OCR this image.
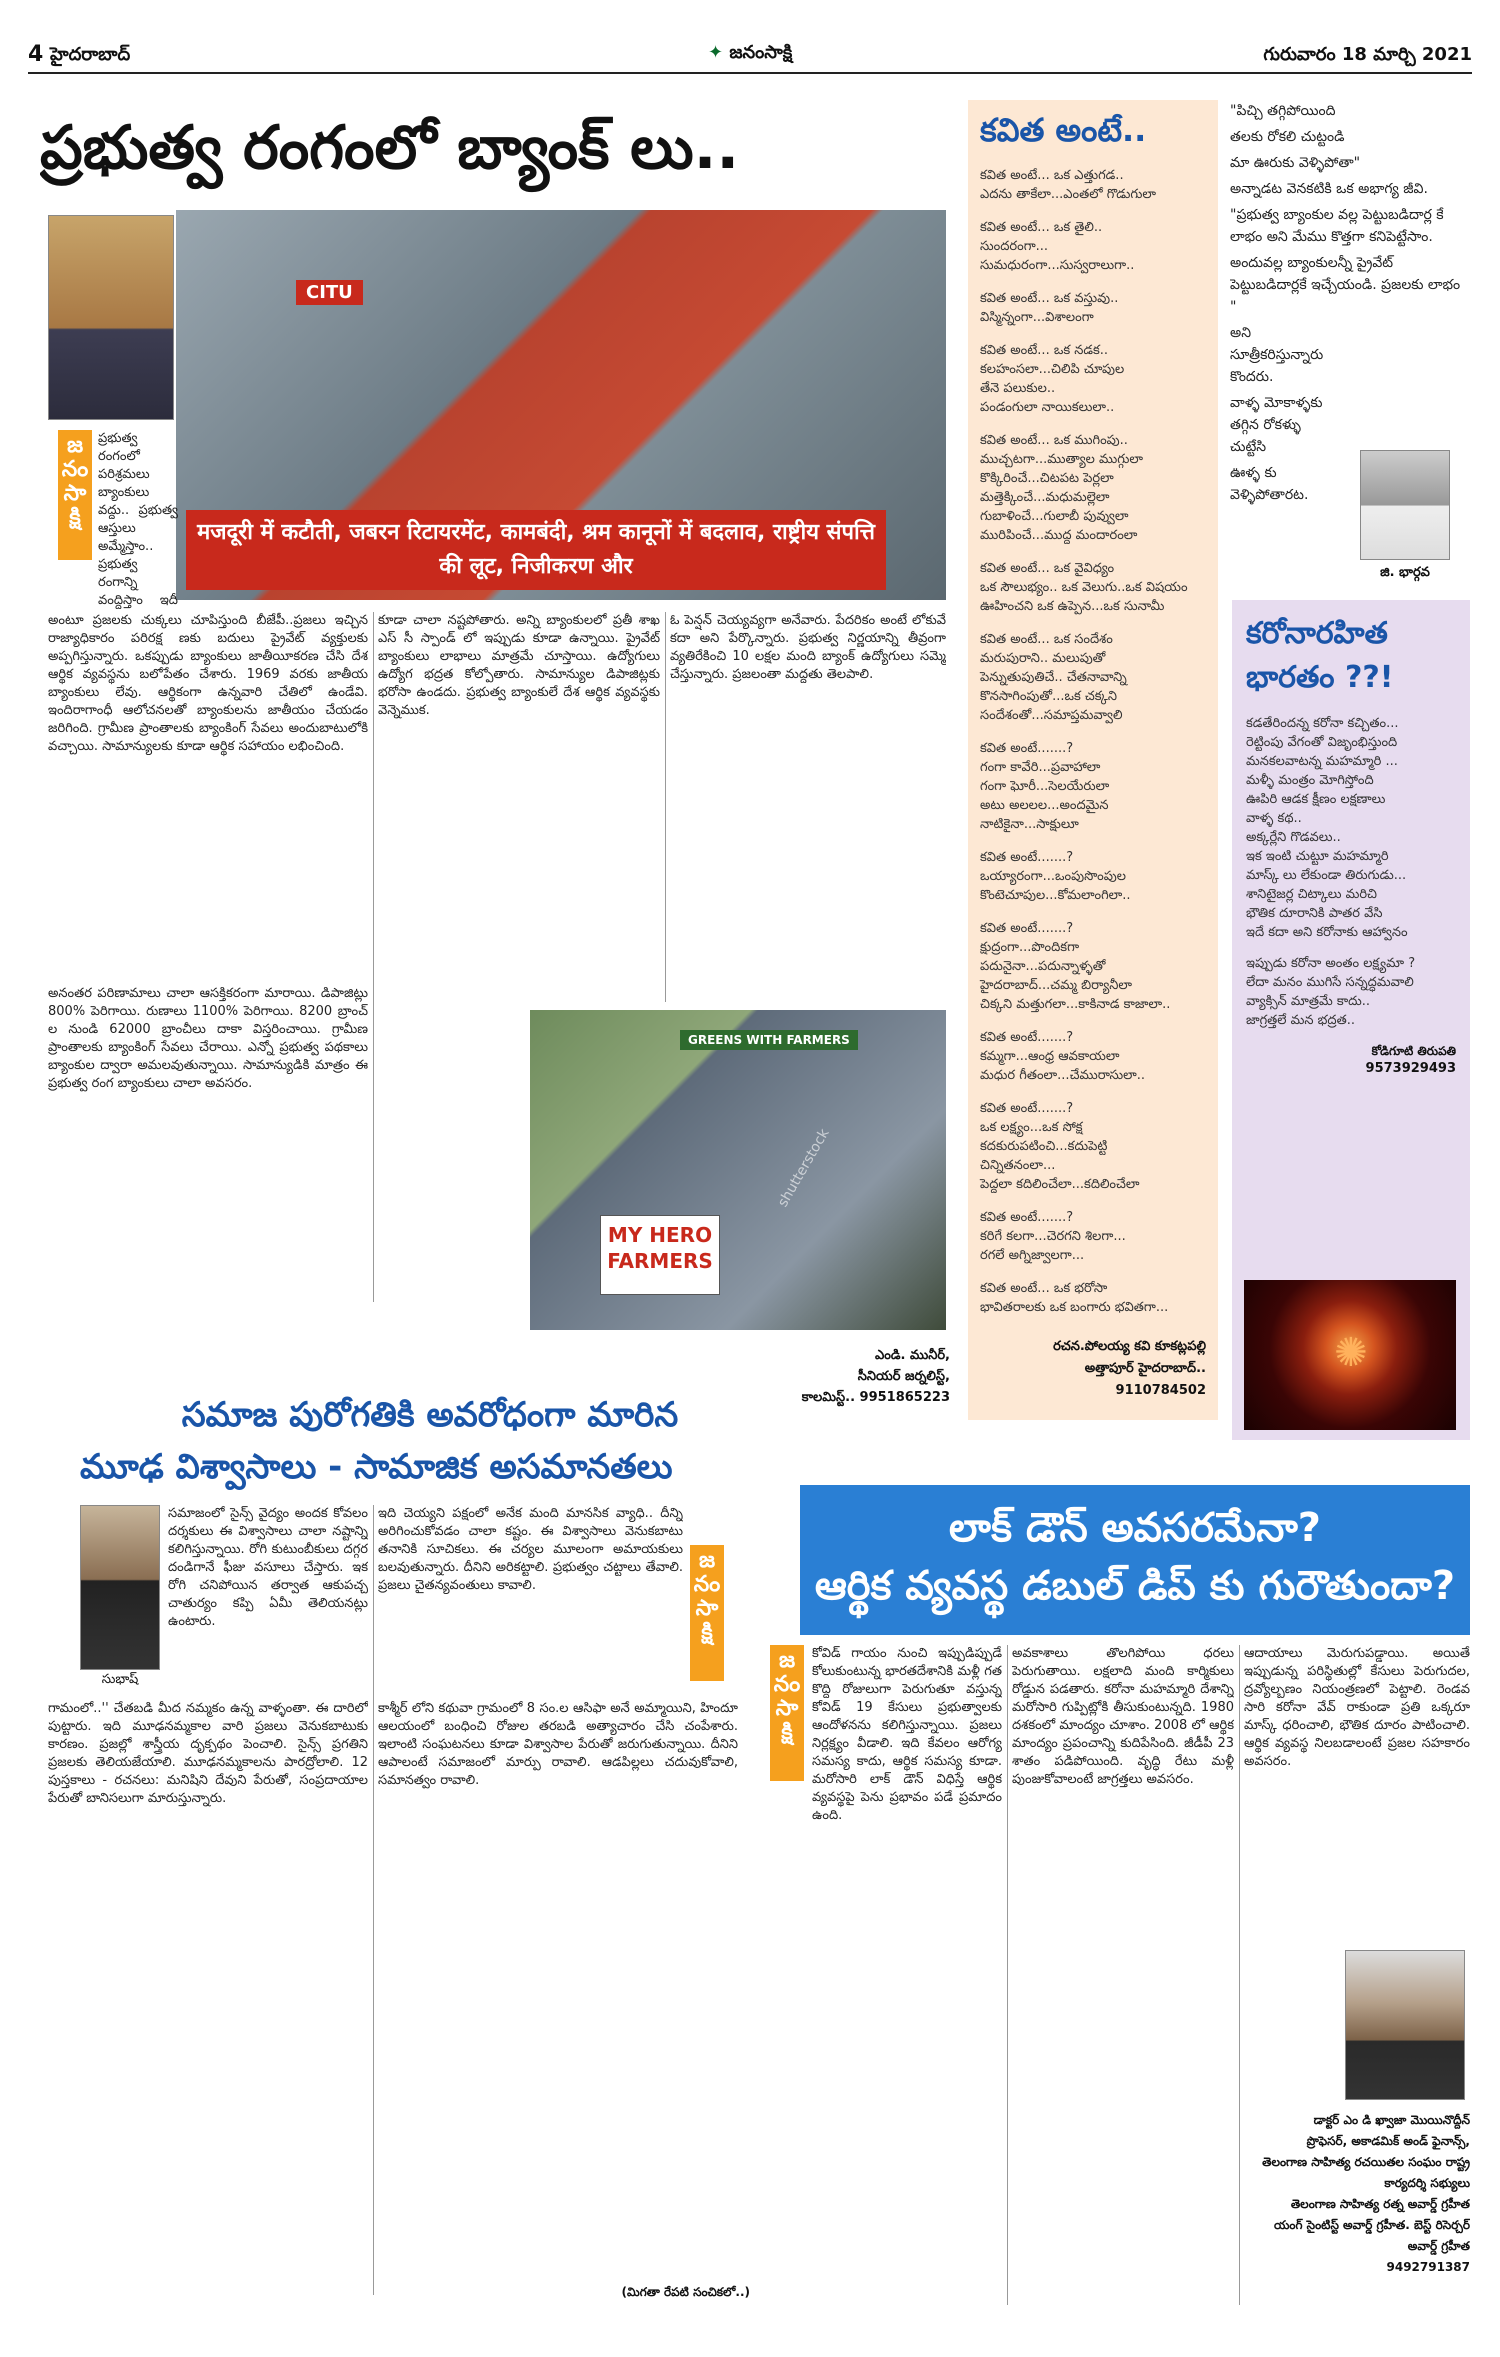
4 హైదరాబాద్	✦ జనంసాక్షి	గురువారం 18 మార్చి 2021
ప్రభుత్వ రంగంలో బ్యాంక్ లు..
CITU
मजदूरी में कटौती, जबरन रिटायरमेंट, कामबंदी, श्रम कानूनों में बदलाव, राष्ट्रीय संपत्ति की लूट, निजीकरण और
జ
నం
సా
క్షి

ప్రభుత్వ రంగంలో పరిశ్రమలు బ్యాంకులు వద్దు.. ప్రభుత్వ ఆస్తులు అమ్మేస్తాం.. ప్రభుత్వ రంగాన్ని వంద్దిస్తాం ఇదీ

అంటూ ప్రజలకు చుక్కలు చూపిస్తుంది బీజేపీ..ప్రజలు ఇచ్చిన రాజ్యాధికారం పరిరక్ష ణకు బదులు ప్రైవేట్ వ్యక్తులకు అప్పగిస్తున్నారు. ఒకప్పుడు బ్యాంకులు జాతీయీకరణ చేసి దేశ ఆర్థిక వ్యవస్థను బలోపేతం చేశారు. 1969 వరకు జాతీయ బ్యాంకులు లేవు. ఆర్థికంగా ఉన్నవారి చేతిలో ఉండేవి. ఇందిరాగాంధీ ఆలోచనలతో బ్యాంకులను జాతీయం చేయడం జరిగింది. గ్రామీణ ప్రాంతాలకు బ్యాంకింగ్ సేవలు అందుబాటులోకి వచ్చాయి. సామాన్యులకు కూడా ఆర్థిక సహాయం లభించింది.

కూడా చాలా నష్టపోతారు. అన్ని బ్యాంకులలో ప్రతీ శాఖ ఎస్ సీ స్పాండ్ లో ఇప్పుడు కూడా ఉన్నాయి. ప్రైవేట్ బ్యాంకులు లాభాలు మాత్రమే చూస్తాయి. ఉద్యోగులు ఉద్యోగ భద్రత కోల్పోతారు. సామాన్యుల డిపాజిట్లకు భరోసా ఉండదు. ప్రభుత్వ బ్యాంకులే దేశ ఆర్థిక వ్యవస్థకు వెన్నెముక.

ఓ పెన్షన్ చెయ్యవ్యగా అనేవారు. పేదరికం అంటే లోకువే కదా అని పేర్కొన్నారు. ప్రభుత్వ నిర్ణయాన్ని తీవ్రంగా వ్యతిరేకించి 10 లక్షల మంది బ్యాంక్ ఉద్యోగులు సమ్మె చేస్తున్నారు. ప్రజలంతా మద్దతు తెలపాలి.

అనంతర పరిణామాలు చాలా ఆసక్తికరంగా మారాయి. డిపాజిట్లు 800% పెరిగాయి. రుణాలు 1100% పెరిగాయి. 8200 బ్రాంచ్ ల నుండి 62000 బ్రాంచీలు దాకా విస్తరించాయి. గ్రామీణ ప్రాంతాలకు బ్యాంకింగ్ సేవలు చేరాయి. ఎన్నో ప్రభుత్వ పథకాలు బ్యాంకుల ద్వారా అమలవుతున్నాయి. సామాన్యుడికి మాత్రం ఈ ప్రభుత్వ రంగ బ్యాంకులు చాలా అవసరం.

GREENS WITH FARMERS
MY HERO FARMERS
shutterstock
ఎండి. మునీర్,
సీనియర్ జర్నలిస్ట్,
కాలమిస్ట్.. 9951865223
కవిత అంటే..
కవిత అంటే... ఒక ఎత్తుగడ..
ఎదను తాకేలా...ఎంతలో గొడుగులా
కవిత అంటే... ఒక తైలి..
సుందరంగా...
సుమధురంగా...సుస్వరాలుగా..
కవిత అంటే... ఒక వస్తువు..
విస్మిన్నంగా...విశాలంగా
కవిత అంటే... ఒక నడక..
కలహంసలా...చిలిపి చూపుల
తేనె పలుకుల..
పండంగులా నాయికలులా..
కవిత అంటే... ఒక ముగింపు..
ముచ్చటగా...ముత్యాల ముగ్గులా
కొక్కిరించే...చిటపట పెర్లలా
మత్తెక్కించే...మధుమల్లెలా
గుబాళించే...గులాబీ పువ్వులా
మురిపించే...ముద్ద మందారంలా
కవిత అంటే... ఒక వైవిధ్యం
ఒక సౌలుభ్యం.. ఒక వెలుగు..ఒక విషయం
ఊహించని ఒక ఉప్పెన...ఒక సునామీ
కవిత అంటే... ఒక సందేశం
మరుపురాని.. మలుపుతో
పెన్నుతుపుతిచే.. చేతనావాన్ని
కొనసాగింపుతో...ఒక చక్కని
సందేశంతో...సమాప్తమవ్వాలి
కవిత అంటే.......?
గంగా కావేరి...ప్రవాహాలా
గంగా ఘోరీ...సెలయేరులా
అటు అలలల...అందమైన
నాటికైనా...సాక్షులూ
కవిత అంటే.......?
ఒయ్యారంగా...ఒంపుసొంపుల
కొంటెచూపుల...కోమలాంగిలా..
కవిత అంటే.......?
క్షుద్రంగా...పొందికగా
పదునైనా...పదున్నాళ్ళతో
హైదరాబాద్...చమ్మ బిర్యానీలా
చిక్కని మత్తుగలా...కాకినాడ కాజాలా..
కవిత అంటే.......?
కమ్మగా...ఆంధ్ర ఆవకాయలా
మధుర గీతంలా...చేమురాసులా..
కవిత అంటే.......?
ఒక లక్ష్యం...ఒక సోక్ష
కదకురుపటించి...కదుపెట్టి
చిన్నితనంలా...
పెద్దలా కదిలించేలా...కదిలించేలా
కవిత అంటే.......?
కరిగే కలగా...చెరగని శిలగా...
రగలే అగ్నిజ్వాలగా...
కవిత అంటే... ఒక భరోసా
భావితరాలకు ఒక బంగారు భవితగా...
రచన.పోలయ్య కవి కూకట్లపల్లి
అత్తాపూర్ హైదరాబాద్..
9110784502
"పిచ్చి తగ్గిపోయింది
తలకు రోకలి చుట్టండి
మా ఊరుకు వెళ్ళిపోతా"
అన్నాడట వెనకటికి ఒక అభాగ్య జీవి.
"ప్రభుత్వ బ్యాంకుల వల్ల పెట్టుబడిదార్ల కే లాభం అని మేము కొత్తగా కనిపెట్టేసాం.
అందువల్ల బ్యాంకులన్నీ ప్రైవేట్ పెట్టుబడిదార్లకే ఇచ్చేయండి. ప్రజలకు లాభం "
అని సూత్రీకరిస్తున్నారు కొందరు.
వాళ్ళ మోకాళ్ళకు తగ్గిన రోకళ్ళు చుట్టేసి
ఊళ్ళ కు వెళ్ళిపోతారట.
జి. భార్గవ
కరోనారహిత భారతం ??!
కడతేరిందన్న కరోనా కచ్చితం...
రెట్టింపు వేగంతో విజృంభిస్తుంది
మనకలవాటన్న మహమ్మారి ...
మళ్ళీ మంత్రం మోగిస్తోంది
ఊపిరి ఆడక క్షీణం లక్షణాలు
వాళ్ళ కథ..
అక్కర్లేని గొడవలు..
ఇక ఇంటి చుట్టూ మహమ్మారి
మాస్క్ లు లేకుండా తిరుగుడు...
శానిటైజర్ల చిట్కాలు మరిచి
భౌతిక దూరానికి పాతర వేసి
ఇదే కదా అని కరోనాకు ఆహ్వానం
ఇప్పుడు కరోనా అంతం లక్ష్యమా ?
లేదా మనం ముగిసే సన్నద్ధమవాలి
వ్యాక్సిన్ మాత్రమే కాదు..
జాగ్రత్తలే మన భద్రత..
కోడిగూటి తిరుపతి
9573929493
✺
సమాజ పురోగతికి అవరోధంగా మారిన
మూఢ విశ్వాసాలు - సామాజిక అసమానతలు
లాక్ డౌన్ అవసరమేనా?
ఆర్థిక వ్యవస్థ డబుల్ డిప్ కు గురౌతుందా?
సుభాష్
జ
నం
సా
క్షి

సమాజంలో సైన్స్ వైద్యం అందక కోవలం దర్శకులు ఈ విశ్వాసాలు చాలా నష్టాన్ని కలిగిస్తున్నాయి. రోగి కుటుంబీకులు దగ్గర దండిగానే ఫీజు వసూలు చేస్తారు. ఇక రోగి చనిపోయిన తర్వాత ఆకుపచ్చ చాతుర్యం కప్పి ఏమీ తెలియనట్లు ఉంటారు.

గామంలో..'' చేతబడి మీద నమ్మకం ఉన్న వాళ్ళంతా. ఈ దారిలో పుట్టారు. ఇది మూఢనమ్మకాల వారి ప్రజలు వెనుకబాటుకు కారణం. ప్రజల్లో శాస్త్రీయ దృక్పథం పెంచాలి. సైన్స్ ప్రగతిని ప్రజలకు తెలియజేయాలి. మూఢనమ్మకాలను పారద్రోలాలి. 12 పుస్తకాలు - రచనలు: మనిషిని దేవుని పేరుతో, సంప్రదాయాల పేరుతో బానిసలుగా మారుస్తున్నారు.

ఇది చెయ్యని పక్షంలో అనేక మంది మానసిక వ్యాధి.. దీన్ని అరిగించుకోవడం చాలా కష్టం. ఈ విశ్వాసాలు వెనుకబాటు తనానికి సూచికలు. ఈ చర్యల మూలంగా అమాయకులు బలవుతున్నారు. దీనిని అరికట్టాలి. ప్రభుత్వం చట్టాలు తేవాలి. ప్రజలు చైతన్యవంతులు కావాలి.

కాశ్మీర్ లోని కథువా గ్రామంలో 8 సం.ల ఆసిఫా అనే అమ్మాయిని, హిందూ ఆలయంలో బంధించి రోజుల తరబడి అత్యాచారం చేసి చంపేశారు. ఇలాంటి సంఘటనలు కూడా విశ్వాసాల పేరుతో జరుగుతున్నాయి. దీనిని ఆపాలంటే సమాజంలో మార్పు రావాలి. ఆడపిల్లలు చదువుకోవాలి, సమానత్వం రావాలి.

(మిగతా రేపటి సంచికలో..)
జ
నం
సా
క్షి

కోవిడ్ గాయం నుంచి ఇప్పుడిప్పుడే కోలుకుంటున్న భారతదేశానికి మళ్లీ గత కొద్ది రోజులుగా పెరుగుతూ వస్తున్న కోవిడ్ 19 కేసులు ప్రభుత్వాలకు ఆందోళనను కలిగిస్తున్నాయి. ప్రజలు నిర్లక్ష్యం వీడాలి. ఇది కేవలం ఆరోగ్య సమస్య కాదు, ఆర్థిక సమస్య కూడా. మరోసారి లాక్ డౌన్ విధిస్తే ఆర్థిక వ్యవస్థపై పెను ప్రభావం పడే ప్రమాదం ఉంది.

అవకాశాలు తొలగిపోయి ధరలు పెరుగుతాయి. లక్షలాది మంది కార్మికులు రోడ్డున పడతారు. కరోనా మహమ్మారి దేశాన్ని మరోసారి గుప్పిట్లోకి తీసుకుంటున్నది. 1980 దశకంలో మాంద్యం చూశాం. 2008 లో ఆర్థిక మాంద్యం ప్రపంచాన్ని కుదిపేసింది. జీడీపీ 23 శాతం పడిపోయింది. వృద్ధి రేటు మళ్లీ పుంజుకోవాలంటే జాగ్రత్తలు అవసరం.

ఆదాయాలు మెరుగుపడ్డాయి. అయితే ఇప్పుడున్న పరిస్థితుల్లో కేసులు పెరుగుదల, ద్రవ్యోల్బణం నియంత్రణలో పెట్టాలి. రెండవ సారి కరోనా వేవ్ రాకుండా ప్రతి ఒక్కరూ మాస్క్ ధరించాలి, భౌతిక దూరం పాటించాలి. ఆర్థిక వ్యవస్థ నిలబడాలంటే ప్రజల సహకారం అవసరం.

డాక్టర్ ఎం డి ఖ్వాజా మొయినొద్దీన్
ప్రొఫెసర్, అకాడమిక్ అండ్ ఫైనాన్స్,
తెలంగాణ సాహిత్య రచయితల సంఘం రాష్ట్ర
కార్యదర్శి సభ్యులు
తెలంగాణ సాహిత్య రత్న అవార్డ్ గ్రహీత
యంగ్ సైంటిస్ట్ అవార్డ్ గ్రహీత. బెస్ట్ రిసెర్చర్
అవార్డ్ గ్రహీత
9492791387
